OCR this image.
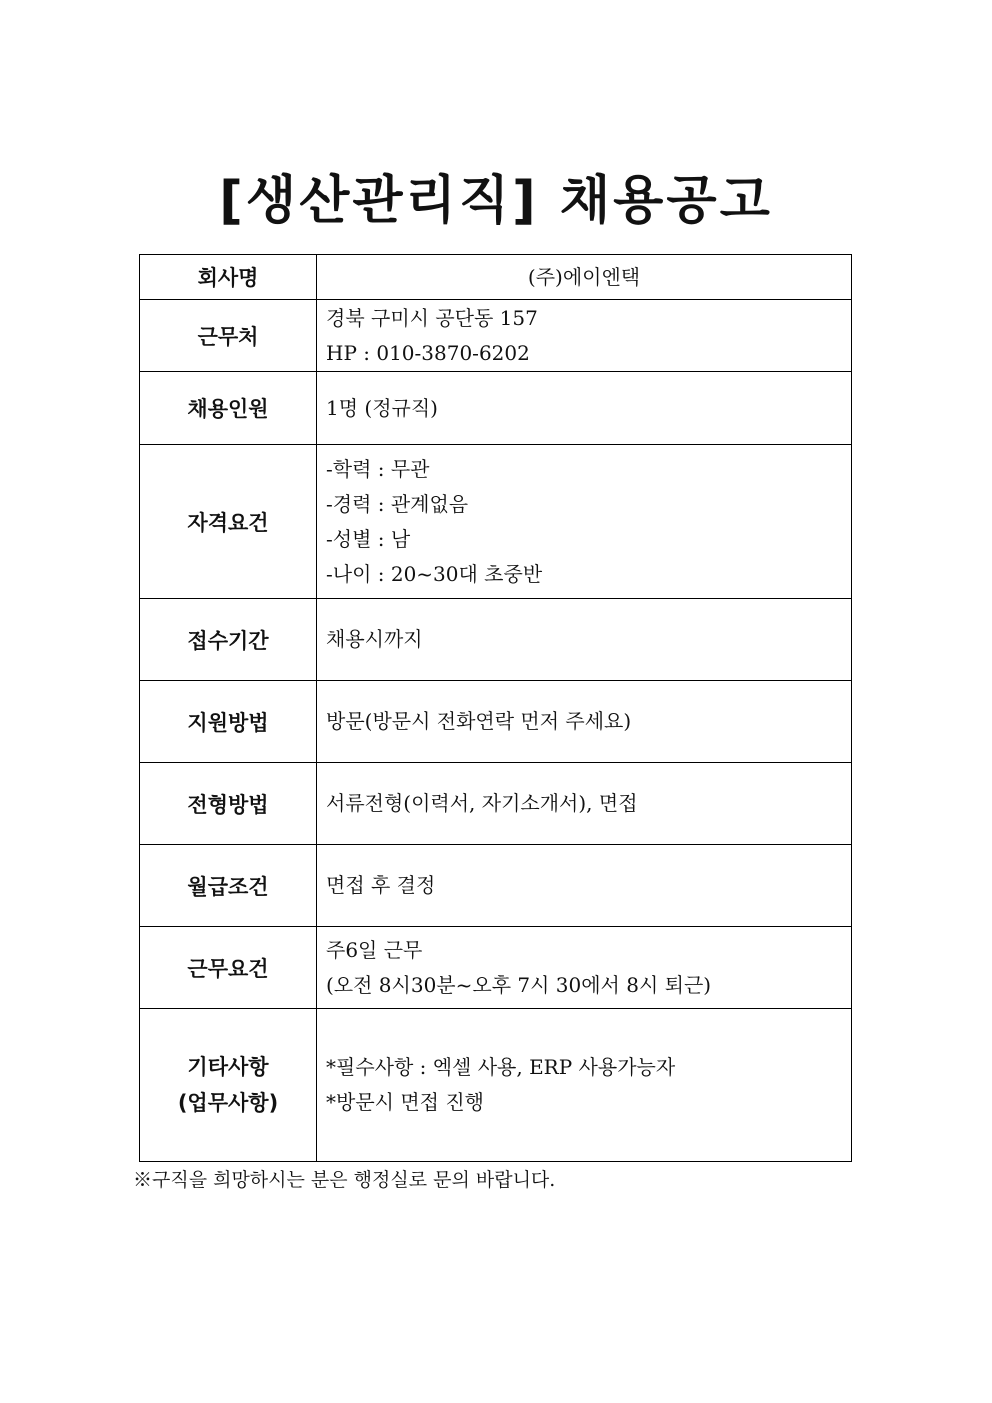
[생산관리직] 채용공고
회사명	(주)에이엔택

근무처	경북 구미시 공단동 157
HP : 010-3870-6202

채용인원	1명 (정규직)

자격요건	-학력 : 무관
-경력 : 관계없음
-성별 : 남
-나이 : 20~30대 초중반

접수기간	채용시까지

지원방법	방문(방문시 전화연락 먼저 주세요)

전형방법	서류전형(이력서, 자기소개서), 면접

월급조건	면접 후 결정

근무요건	주6일 근무
(오전 8시30분~오후 7시 30에서 8시 퇴근)

기타사항
(업무사항)	*필수사항 : 엑셀 사용, ERP 사용가능자
*방문시 면접 진행
※구직을 희망하시는 분은 행정실로 문의 바랍니다.
